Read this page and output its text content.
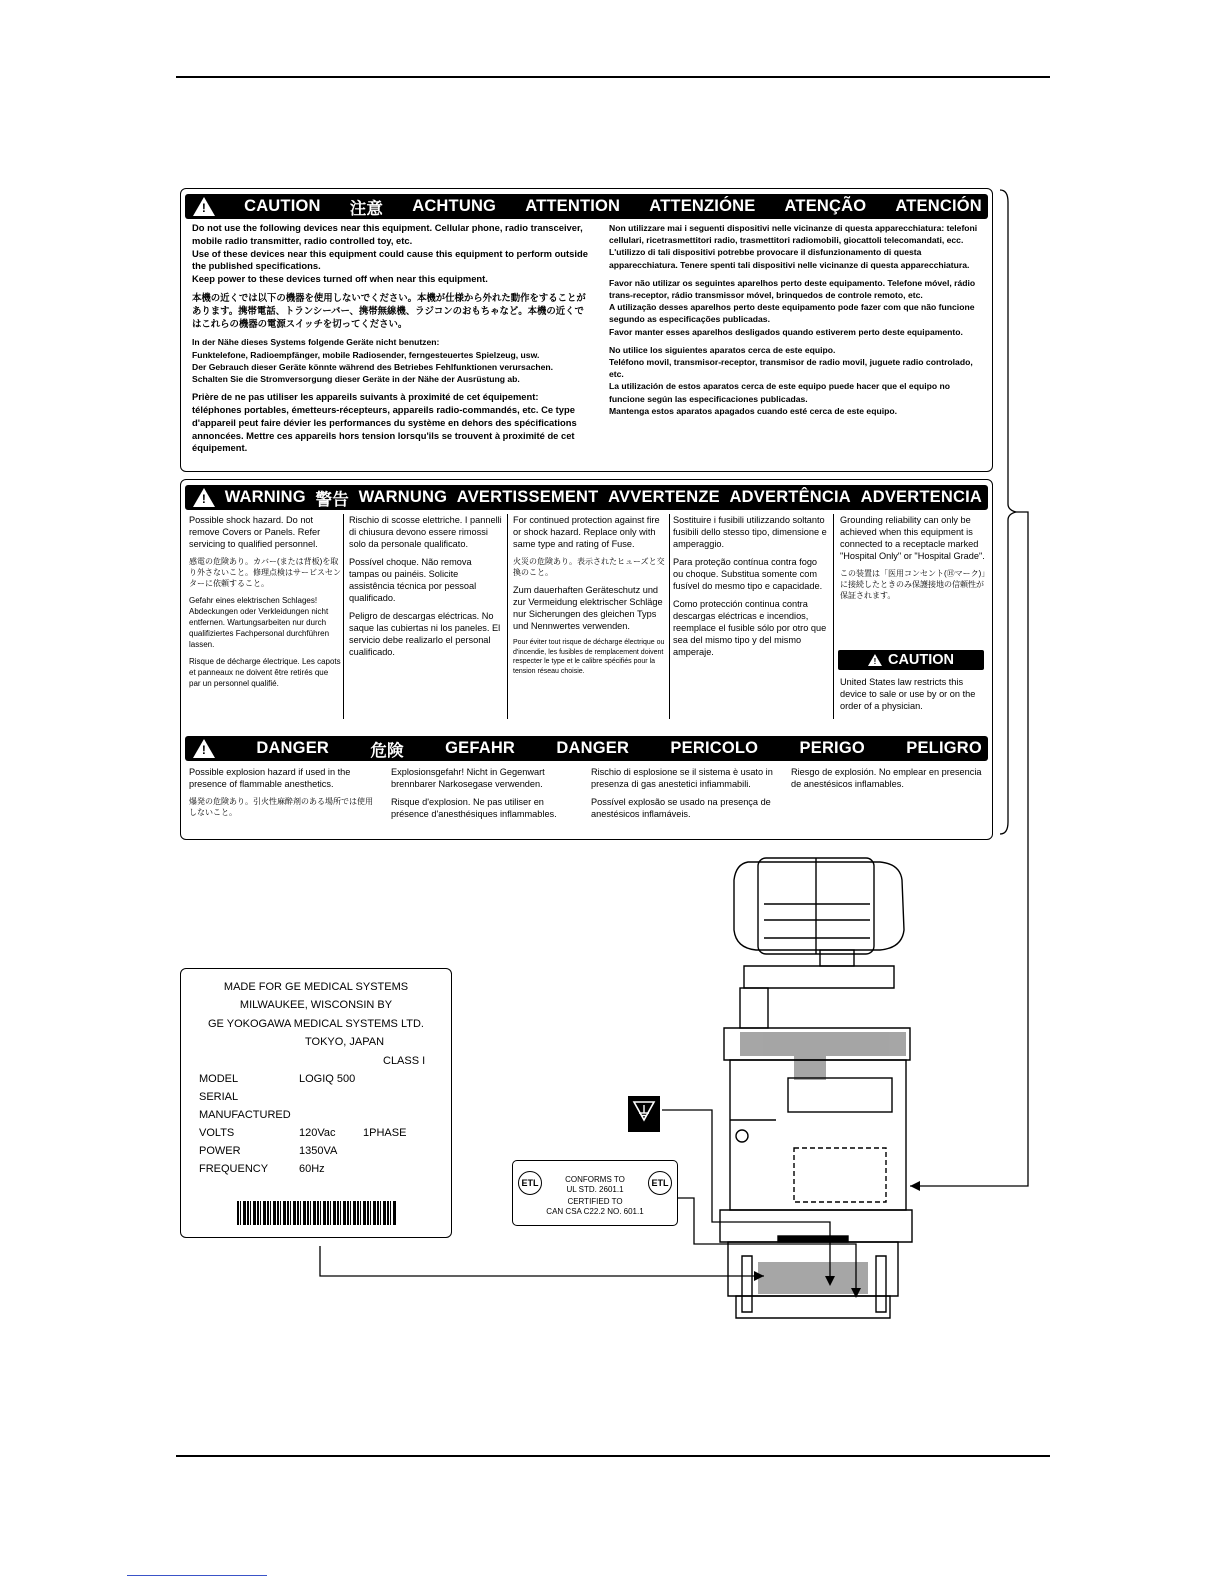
!
CAUTION 注意 ACHTUNG ATTENTION ATTENZIÓNE ATENÇÃO ATENCIÓN

Do not use the following devices near this equipment. Cellular phone, radio transceiver, mobile radio transmitter, radio controlled toy, etc.
Use of these devices near this equipment could cause this equipment to perform outside the published specifications.
Keep power to these devices turned off when near this equipment.

本機の近くでは以下の機器を使用しないでください。本機が仕様から外れた動作をすることがあります。携帯電話、トランシーバー、携帯無線機、ラジコンのおもちゃなど。本機の近くではこれらの機器の電源スイッチを切ってください。

In der Nähe dieses Systems folgende Geräte nicht benutzen:
Funktelefone, Radioempfänger, mobile Radiosender, ferngesteuertes Spielzeug, usw.
Der Gebrauch dieser Geräte könnte während des Betriebes Fehlfunktionen verursachen.
Schalten Sie die Stromversorgung dieser Geräte in der Nähe der Ausrüstung ab.

Prière de ne pas utiliser les appareils suivants à proximité de cet équipement: téléphones portables, émetteurs-récepteurs, appareils radio-commandés, etc. Ce type d'appareil peut faire dévier les performances du système en dehors des spécifications annoncées. Mettre ces appareils hors tension lorsqu'ils se trouvent à proximité de cet équipement.

Non utilizzare mai i seguenti dispositivi nelle vicinanze di questa apparecchiatura: telefoni cellulari, ricetrasmettitori radio, trasmettitori radiomobili, giocattoli telecomandati, ecc. L'utilizzo di tali dispositivi potrebbe provocare il disfunzionamento di questa apparecchiatura. Tenere spenti tali dispositivi nelle vicinanze di questa apparecchiatura.

Favor não utilizar os seguintes aparelhos perto deste equipamento. Telefone móvel, rádio trans-receptor, rádio transmissor móvel, brinquedos de controle remoto, etc.
A utilização desses aparelhos perto deste equipamento pode fazer com que não funcione segundo as especificações publicadas.
Favor manter esses aparelhos desligados quando estiverem perto deste equipamento.

No utilice los siguientes aparatos cerca de este equipo.
Teléfono movil, transmisor-receptor, transmisor de radio movil, juguete radio controlado, etc.
La utilización de estos aparatos cerca de este equipo puede hacer que el equipo no funcione según las especificaciones publicadas.
Mantenga estos aparatos apagados cuando esté cerca de este equipo.

!
WARNING 警告 WARNUNG AVERTISSEMENT AVVERTENZE ADVERTÊNCIA ADVERTENCIA

Possible shock hazard. Do not remove Covers or Panels. Refer servicing to qualified personnel.

感電の危険あり。カバー(または背板)を取り外さないこと。修理点検はサービスセンターに依頼すること。

Gefahr eines elektrischen Schlages! Abdeckungen oder Verkleidungen nicht entfernen. Wartungsarbeiten nur durch qualifiziertes Fachpersonal durchführen lassen.

Risque de décharge électrique. Les capots et panneaux ne doivent être retirés que par un personnel qualifié.

Rischio di scosse elettriche. I pannelli di chiusura devono essere rimossi solo da personale qualificato.

Possível choque. Não remova tampas ou painéis. Solicite assistência técnica por pessoal qualificado.

Peligro de descargas eléctricas. No saque las cubiertas ni los paneles. El servicio debe realizarlo el personal cualificado.

For continued protection against fire or shock hazard. Replace only with same type and rating of Fuse.

火災の危険あり。表示されたヒューズと交換のこと。

Zum dauerhaften Geräteschutz und zur Vermeidung elektrischer Schläge nur Sicherungen des gleichen Typs und Nennwertes verwenden.

Pour éviter tout risque de décharge électrique ou d'incendie, les fusibles de remplacement doivent respecter le type et le calibre spécifiés pour la tension réseau choisie.

Sostituire i fusibili utilizzando soltanto fusibili dello stesso tipo, dimensione e amperaggio.

Para proteção contínua contra fogo ou choque. Substitua somente com fusível do mesmo tipo e capacidade.

Como protección continua contra descargas eléctricas e incendios, reemplace el fusible sólo por otro que sea del mismo tipo y del mismo amperaje.

Grounding reliability can only be achieved when this equipment is connected to a receptacle marked "Hospital Only" or "Hospital Grade".

この装置は「医用コンセント(Ⓗマーク)」に接続したときのみ保護接地の信頼性が保証されます。

!
DANGER	危険	GEFAHR	DANGER	PERICOLO	PERIGO	PELIGRO

Possible explosion hazard if used in the presence of flammable anesthetics.

爆発の危険あり。引火性麻酔剤のある場所では使用しないこと。

Explosionsgefahr! Nicht in Gegenwart brennbarer Narkosegase verwenden.

Risque d'explosion. Ne pas utiliser en présence d'anesthésiques inflammables.

Rischio di esplosione se il sistema è usato in presenza di gas anestetici infiammabili.

Possível explosão se usado na presença de anestésicos inflamáveis.

Riesgo de explosión. No emplear en presencia de anestésicos inflamables.

!
CAUTION
United States law restricts this device to sale or use by or on the order of a physician.
MADE FOR GE MEDICAL SYSTEMS
MILWAUKEE, WISCONSIN BY
GE YOKOGAWA MEDICAL SYSTEMS LTD.
TOKYO, JAPAN
CLASS I
MODEL	LOGIQ 500
SERIAL
MANUFACTURED
VOLTS	120Vac	1PHASE
POWER	1350VA
FREQUENCY	60Hz
ETL	ETL
CONFORMS TO
UL STD. 2601.1
CERTIFIED TO
CAN CSA C22.2 NO. 601.1
